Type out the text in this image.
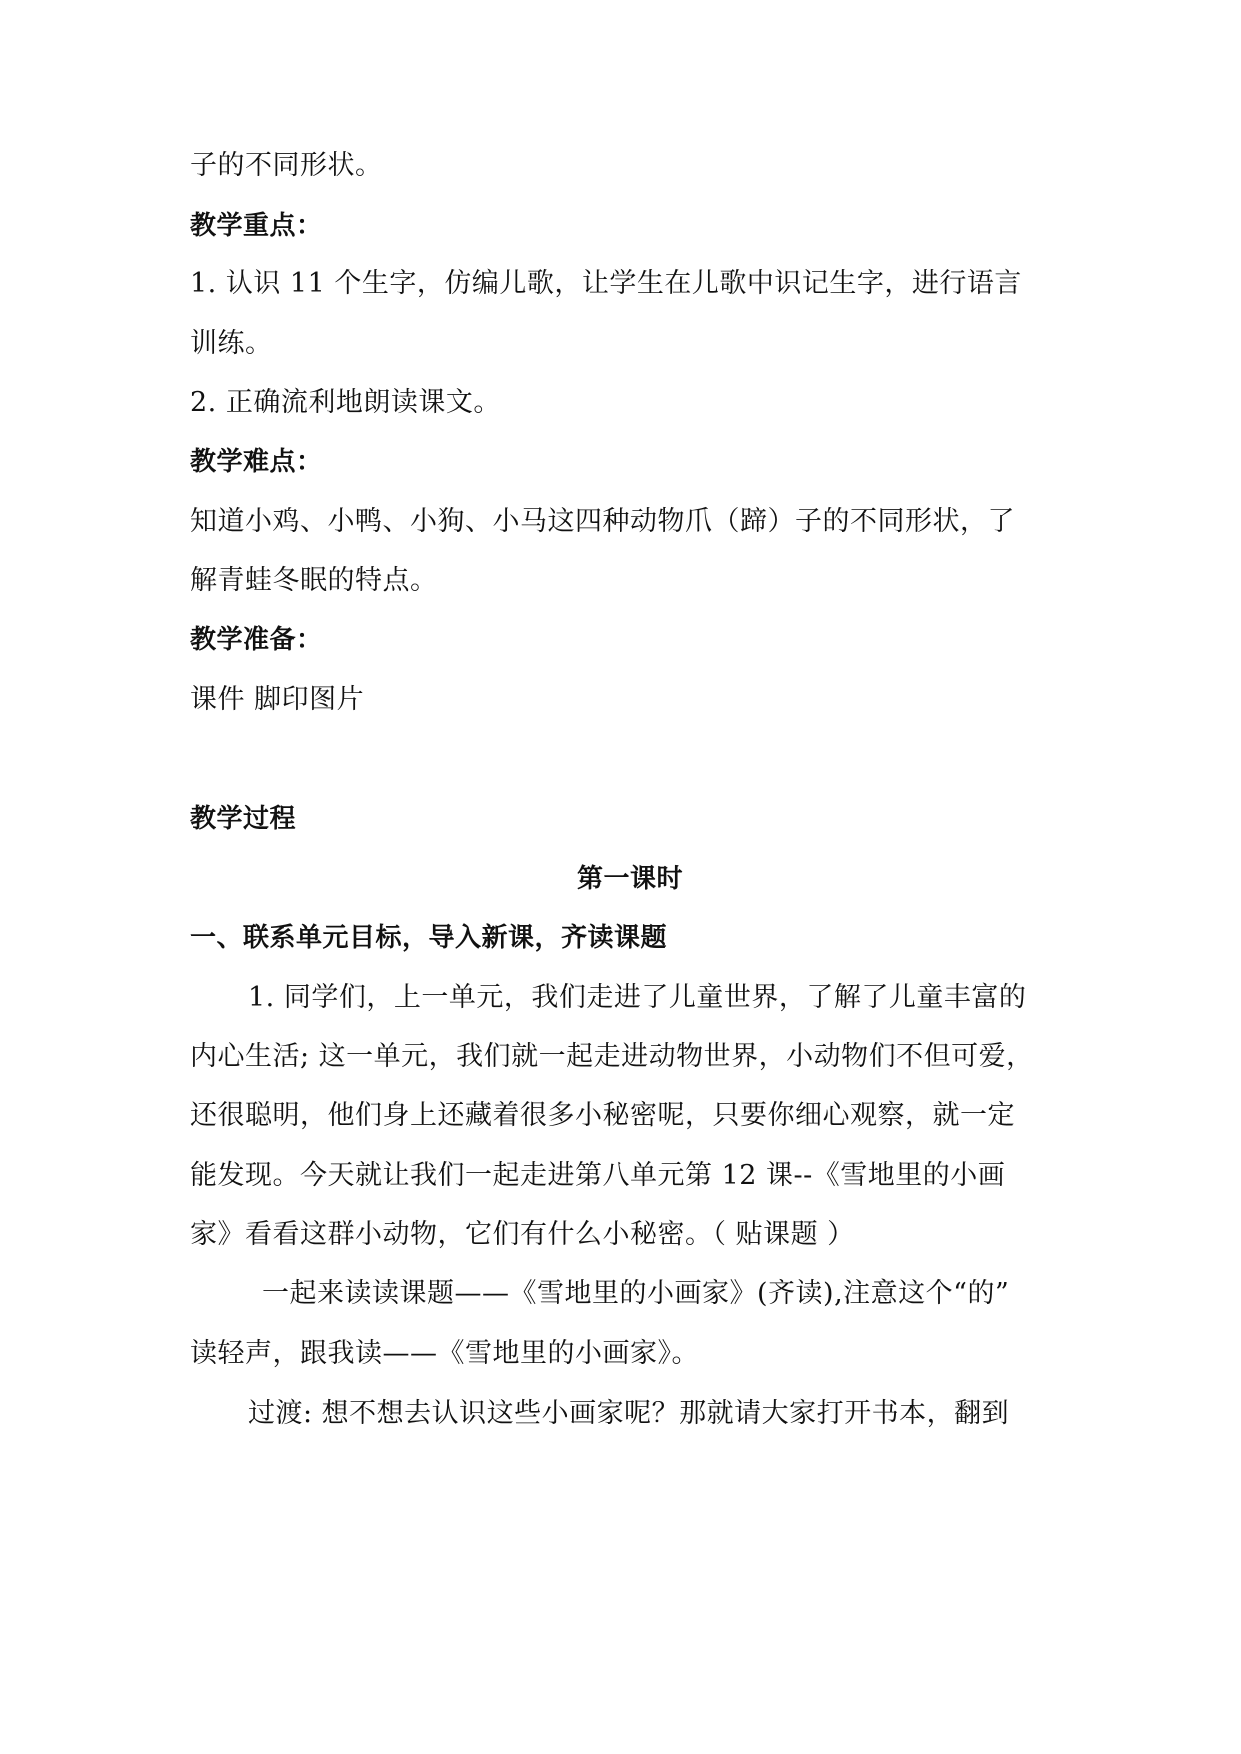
子的不同形状。
教学重点：
1. 认识 11 个生字，仿编儿歌，让学生在儿歌中识记生字，进行语言
训练。
2. 正确流利地朗读课文。
教学难点：
知道小鸡、小鸭、小狗、小马这四种动物爪（蹄）子的不同形状，了
解青蛙冬眠的特点。
教学准备：
课件 脚印图片
教学过程
第一课时
一、联系单元目标，导入新课，齐读课题
1. 同学们，上一单元，我们走进了儿童世界，了解了儿童丰富的
内心生活; 这一单元，我们就一起走进动物世界，小动物们不但可爱，
还很聪明，他们身上还藏着很多小秘密呢，只要你细心观察，就一定
能发现。今天就让我们一起走进第八单元第 12 课--《雪地里的小画
家》看看这群小动物，它们有什么小秘密。（ 贴课题 ）
一起来读读课题——《雪地里的小画家》(齐读),注意这个“的”
读轻声，跟我读——《雪地里的小画家》。
过渡: 想不想去认识这些小画家呢？那就请大家打开书本，翻到
